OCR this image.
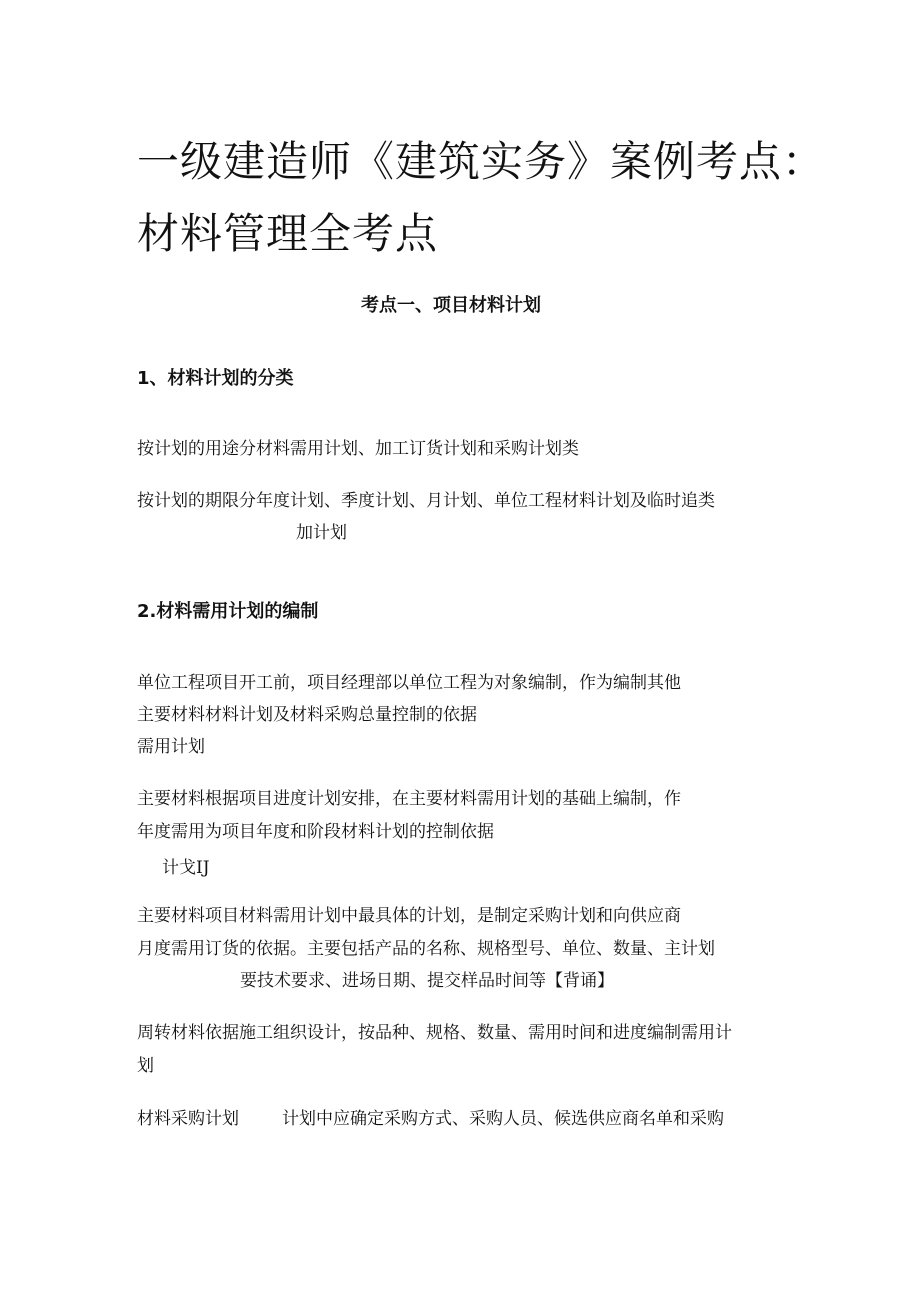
一级建造师《建筑实务》案例考点：
材料管理全考点
考点一、项目材料计划
1、材料计划的分类
按计划的用途分材料需用计划、加工订货计划和采购计划类
按计划的期限分年度计划、季度计划、月计划、单位工程材料计划及临时追类
加计划
2.材料需用计划的编制
单位工程项目开工前，项目经理部以单位工程为对象编制，作为编制其他
主要材料材料计划及材料采购总量控制的依据
需用计划
主要材料根据项目进度计划安排，在主要材料需用计划的基础上编制，作
年度需用为项目年度和阶段材料计划的控制依据
计戈IJ
主要材料项目材料需用计划中最具体的计划，是制定采购计划和向供应商
月度需用订货的依据。主要包括产品的名称、规格型号、单位、数量、主计划
要技术要求、进场日期、提交样品时间等【背诵】
周转材料依据施工组织设计，按品种、规格、数量、需用时间和进度编制需用计
划
材料采购计划	计划中应确定采购方式、采购人员、候选供应商名单和采购
